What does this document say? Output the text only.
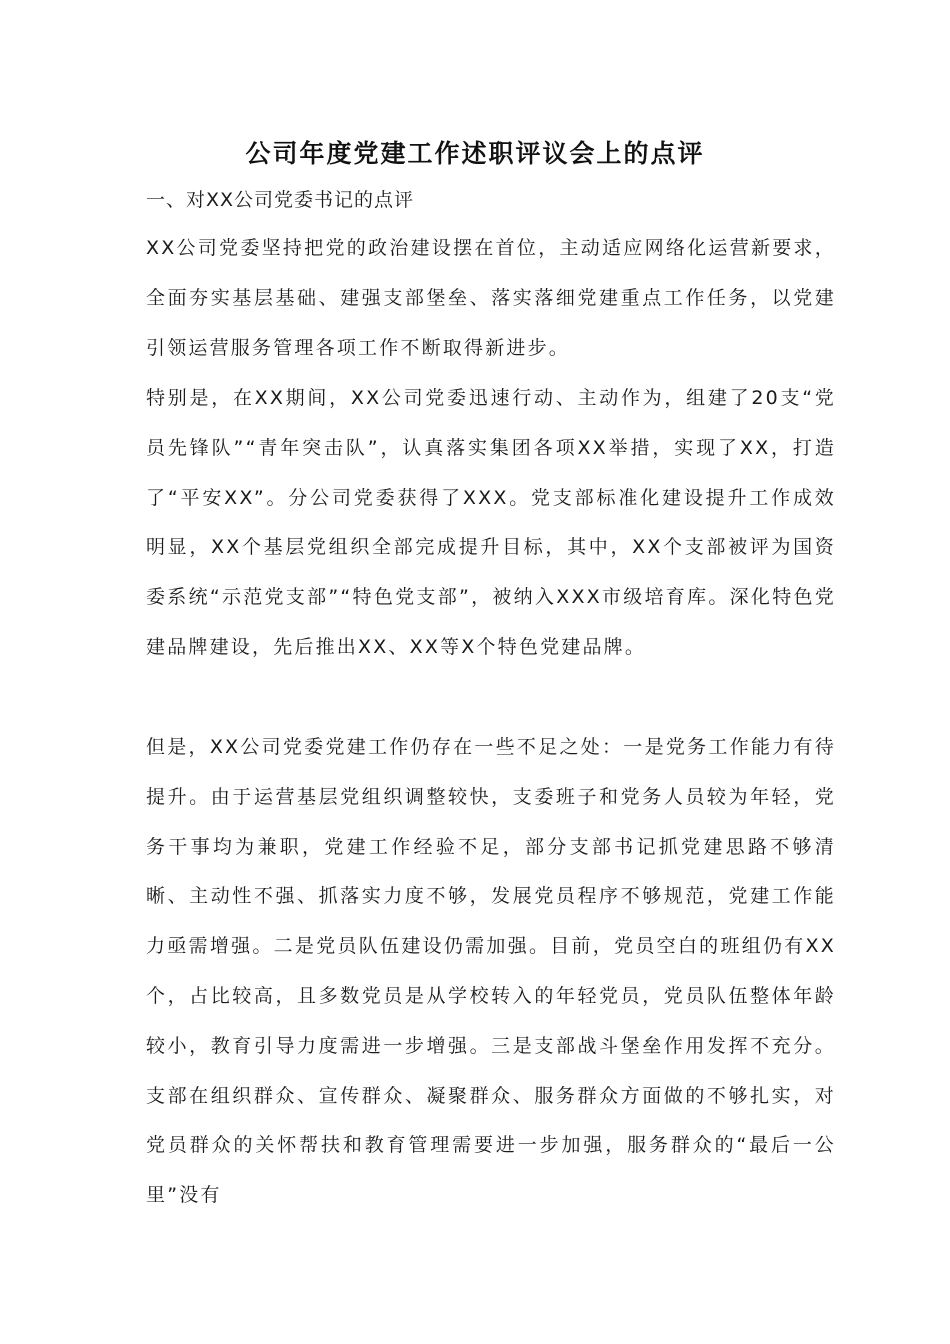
公司年度党建工作述职评议会上的点评
一、对XX公司党委书记的点评
XX公司党委坚持把党的政治建设摆在首位，主动适应网络化运营新要求，全面夯实基层基础、建强支部堡垒、落实落细党建重点工作任务，以党建引领运营服务管理各项工作不断取得新进步。
特别是，在XX期间，XX公司党委迅速行动、主动作为，组建了20支“党员先锋队”“青年突击队”，认真落实集团各项XX举措，实现了XX，打造了“平安XX”。分公司党委获得了XXX。党支部标准化建设提升工作成效明显，XX个基层党组织全部完成提升目标，其中，XX个支部被评为国资委系统“示范党支部”“特色党支部”，被纳入XXX市级培育库。深化特色党建品牌建设，先后推出XX、XX等X个特色党建品牌。
但是，XX公司党委党建工作仍存在一些不足之处：一是党务工作能力有待提升。由于运营基层党组织调整较快，支委班子和党务人员较为年轻，党务干事均为兼职，党建工作经验不足，部分支部书记抓党建思路不够清晰、主动性不强、抓落实力度不够，发展党员程序不够规范，党建工作能力亟需增强。二是党员队伍建设仍需加强。目前，党员空白的班组仍有XX个，占比较高，且多数党员是从学校转入的年轻党员，党员队伍整体年龄较小，教育引导力度需进一步增强。三是支部战斗堡垒作用发挥不充分。支部在组织群众、宣传群众、凝聚群众、服务群众方面做的不够扎实，对党员群众的关怀帮扶和教育管理需要进一步加强，服务群众的“最后一公里”没有
